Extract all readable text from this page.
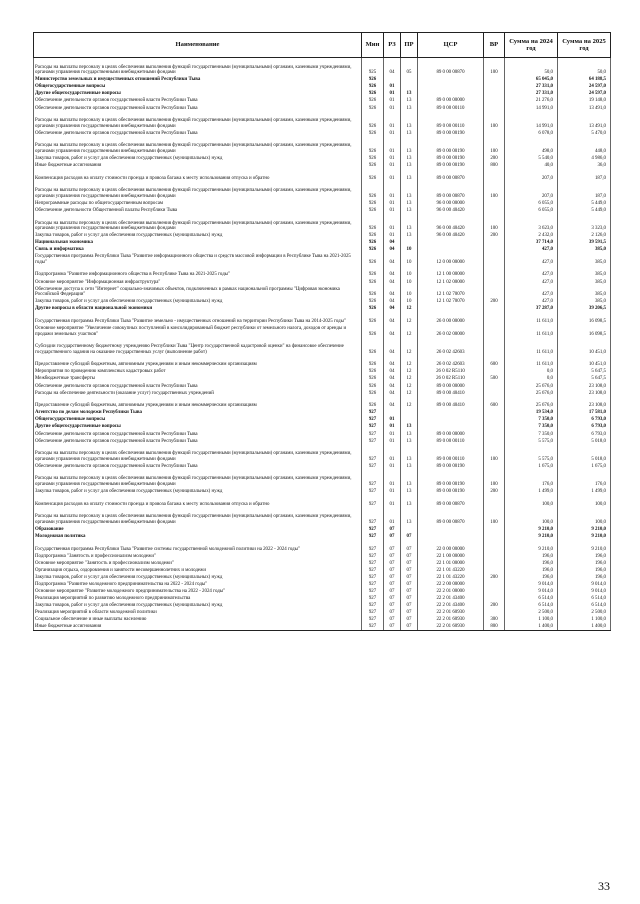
Наименование	Мин	РЗ	ПР	ЦСР	ВР	Сумма на 2024 год	Сумма на 2025 год
Расходы на выплаты персоналу в целях обеспечения выполнения функций государственными (муниципальными) органами, казенными учреждениями, органами управления государственными внебюджетными фондами	925	04	05	89 0 00 00870	100	50,0	50,0
Министерство земельных и имущественных отношений Республики Тыва	926					65 045,0	64 188,5
Общегосударственные вопросы	926	01				27 331,0	24 597,0
Другие общегосударственные вопросы	926	01	13			27 331,0	24 597,0
Обеспечение деятельности органов государственной власти Республики Тыва	926	01	13	89 0 00 00000		21 276,0	19 148,0
Обеспечение деятельности органов государственной власти Республики Тыва	926	01	13	89 0 00 00110		14 991,0	13 491,0
Расходы на выплаты персоналу в целях обеспечения выполнения функций государственными (муниципальными) органами, казенными учреждениями, органами управления государственными внебюджетными фондами	926	01	13	89 0 00 00110	100	14 991,0	13 491,0
Обеспечение деятельности органов государственной власти Республики Тыва	926	01	13	89 0 00 00190		6 078,0	5 470,0
Расходы на выплаты персоналу в целях обеспечения выполнения функций государственными (муниципальными) органами, казенными учреждениями, органами управления государственными внебюджетными фондами	926	01	13	89 0 00 00190	100	498,0	448,0
Закупка товаров, работ и услуг для обеспечения государственных (муниципальных) нужд	926	01	13	89 0 00 00190	200	5 540,0	4 986,0
Иные бюджетные ассигнования	926	01	13	89 0 00 00190	800	40,0	36,0
Компенсация расходов на оплату стоимости проезда и провоза багажа к месту использования отпуска и обратно	926	01	13	89 0 00 00870		207,0	187,0
Расходы на выплаты персоналу в целях обеспечения выполнения функций государственными (муниципальными) органами, казенными учреждениями, органами управления государственными внебюджетными фондами	926	01	13	89 0 00 00870	100	207,0	187,0
Непрограммные расходы по общегосударственным вопросам	926	01	13	96 0 00 00000		6 055,0	5 449,0
Обеспечение деятельности Общественной палаты Республики Тыва	926	01	13	96 0 00 40420		6 055,0	5 449,0
Расходы на выплаты персоналу в целях обеспечения выполнения функций государственными (муниципальными) органами, казенными учреждениями, органами управления государственными внебюджетными фондами	926	01	13	96 0 00 40420	100	3 623,0	3 323,0
Закупка товаров, работ и услуг для обеспечения государственных (муниципальных) нужд	926	01	13	96 0 00 40420	200	2 432,0	2 126,0
Национальная экономика	926	04				37 714,0	39 591,5
Связь и информатика	926	04	10			427,0	385,0
Государственная программа Республики Тыва "Развитие информационного общества и средств массовой информации в Республике Тыва на 2021-2025 годы"	926	04	10	12 0 00 00000		427,0	385,0
Подпрограмма "Развитие информационного общества в Республике Тыва на 2021-2025 годы"	926	04	10	12 1 00 00000		427,0	385,0
Основное мероприятие "Информационная инфраструктура"	926	04	10	12 1 02 00000		427,0	385,0
Обеспечение доступа к сети "Интернет" социально-значимых объектов, подключенных в рамках национальной программы "Цифровая экономика Российской Федерации"	926	04	10	12 1 02 70070		427,0	385,0
Закупка товаров, работ и услуг для обеспечения государственных (муниципальных) нужд	926	04	10	12 1 02 70070	200	427,0	385,0
Другие вопросы в области национальной экономики	926	04	12			37 287,0	39 206,5
Государственная программа Республики Тыва "Развитие земельно - имущественных отношений на территории Республики Тыва на 2014-2025 годы"	926	04	12	26 0 00 00000		11 611,0	16 098,5
Основное мероприятие "Увеличение совокупных поступлений в консолидированный бюджет республики от земельного налога, доходов от аренды и продажи земельных участков"	926	04	12	26 0 02 00000		11 611,0	16 098,5
Субсидии государственному бюджетному учреждению Республики Тыва "Центр государственной кадастровой оценки" на финансовое обеспечение государственного задания на оказание государственных услуг (выполнение работ)	926	04	12	26 0 02 42603		11 611,0	10 451,0
Предоставление субсидий бюджетным, автономным учреждениям и иным некоммерческим организациям	926	04	12	26 0 02 42603	600	11 611,0	10 451,0
Мероприятия по проведению комплексных кадастровых работ	926	04	12	26 0 02 R5110		0,0	5 647,5
Межбюджетные трансферты	926	04	12	26 0 02 R5110	500	0,0	5 647,5
Обеспечение деятельности органов государственной власти Республики Тыва	926	04	12	89 0 00 00000		25 676,0	23 108,0
Расходы на обеспечение деятельности (оказание услуг) государственных учреждений	926	04	12	89 0 00 40410		25 676,0	23 108,0
Предоставление субсидий бюджетным, автономным учреждениям и иным некоммерческим организациям	926	04	12	89 0 00 40410	600	25 676,0	23 108,0
Агентство по делам молодежи Республики Тыва	927					19 534,0	17 581,0
Общегосударственные вопросы	927	01				7 350,0	6 793,0
Другие общегосударственные вопросы	927	01	13			7 350,0	6 793,0
Обеспечение деятельности органов государственной власти Республики Тыва	927	01	13	89 0 00 00000		7 350,0	6 793,0
Обеспечение деятельности органов государственной власти Республики Тыва	927	01	13	89 0 00 00110		5 575,0	5 018,0
Расходы на выплаты персоналу в целях обеспечения выполнения функций государственными (муниципальными) органами, казенными учреждениями, органами управления государственными внебюджетными фондами	927	01	13	89 0 00 00110	100	5 575,0	5 018,0
Обеспечение деятельности органов государственной власти Республики Тыва	927	01	13	89 0 00 00190		1 675,0	1 675,0
Расходы на выплаты персоналу в целях обеспечения выполнения функций государственными (муниципальными) органами, казенными учреждениями, органами управления государственными внебюджетными фондами	927	01	13	89 0 00 00190	100	176,0	176,0
Закупка товаров, работ и услуг для обеспечения государственных (муниципальных) нужд	927	01	13	89 0 00 00190	200	1 499,0	1 499,0
Компенсация расходов на оплату стоимости проезда и провоза багажа к месту использования отпуска и обратно	927	01	13	89 0 00 00870		100,0	100,0
Расходы на выплаты персоналу в целях обеспечения выполнения функций государственными (муниципальными) органами, казенными учреждениями, органами управления государственными внебюджетными фондами	927	01	13	89 0 00 00870	100	100,0	100,0
Образование	927	07				9 210,0	9 210,0
Молодежная политика	927	07	07			9 210,0	9 210,0
Государственная программа Республики Тыва "Развитие системы государственной молодежной политики на 2022 - 2024 годы"	927	07	07	22 0 00 00000		9 210,0	9 210,0
Подпрограмма "Занятость и профессионализм молодежи"	927	07	07	22 1 00 00000		196,0	196,0
Основное мероприятие "Занятость и профессионализм молодежи"	927	07	07	22 1 01 00000		196,0	196,0
Организация отдыха, оздоровления и занятости несовершеннолетних и молодежи	927	07	07	22 1 01 43220		196,0	196,0
Закупка товаров, работ и услуг для обеспечения государственных (муниципальных) нужд	927	07	07	22 1 01 43220	200	196,0	196,0
Подпрограмма "Развитие молодежного предпринимательства на 2022 - 2024 годы"	927	07	07	22 2 00 00000		9 014,0	9 014,0
Основное мероприятие "Развитие молодежного предпринимательства на 2022 - 2024 годы"	927	07	07	22 2 01 00000		9 014,0	9 014,0
Реализация мероприятий по развитию молодежного предпринимательства	927	07	07	22 2 01 43400		6 514,0	6 514,0
Закупка товаров, работ и услуг для обеспечения государственных (муниципальных) нужд	927	07	07	22 2 01 43400	200	6 514,0	6 514,0
Реализация мероприятий в области молодежной политики	927	07	07	22 2 01 60930		2 500,0	2 500,0
Социальное обеспечение и иные выплаты населению	927	07	07	22 2 01 60930	300	1 100,0	1 100,0
Иные бюджетные ассигнования	927	07	07	22 2 01 60930	800	1 400,0	1 400,0
33
